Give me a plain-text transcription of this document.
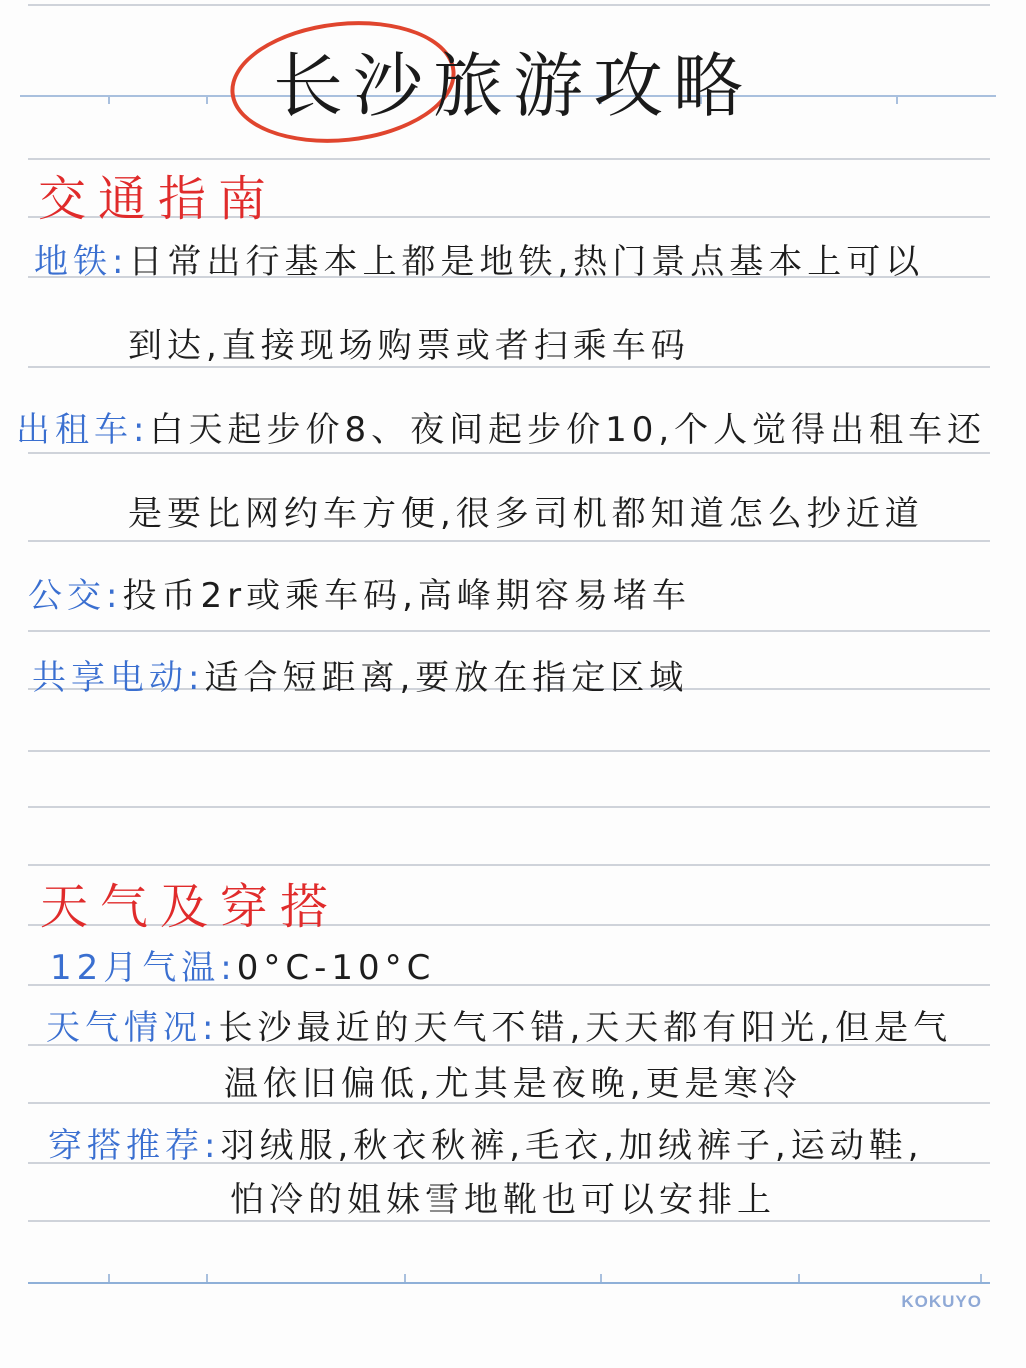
长沙旅游攻略
交通指南
地铁:日常出行基本上都是地铁,热门景点基本上可以
到达,直接现场购票或者扫乘车码
出租车:白天起步价8、夜间起步价10,个人觉得出租车还
是要比网约车方便,很多司机都知道怎么抄近道
公交:投币2r或乘车码,高峰期容易堵车
共享电动:适合短距离,要放在指定区域
天气及穿搭
12月气温:0°C-10°C
天气情况:长沙最近的天气不错,天天都有阳光,但是气
温依旧偏低,尤其是夜晚,更是寒冷
穿搭推荐:羽绒服,秋衣秋裤,毛衣,加绒裤子,运动鞋,
怕冷的姐妹雪地靴也可以安排上
KOKUYO
